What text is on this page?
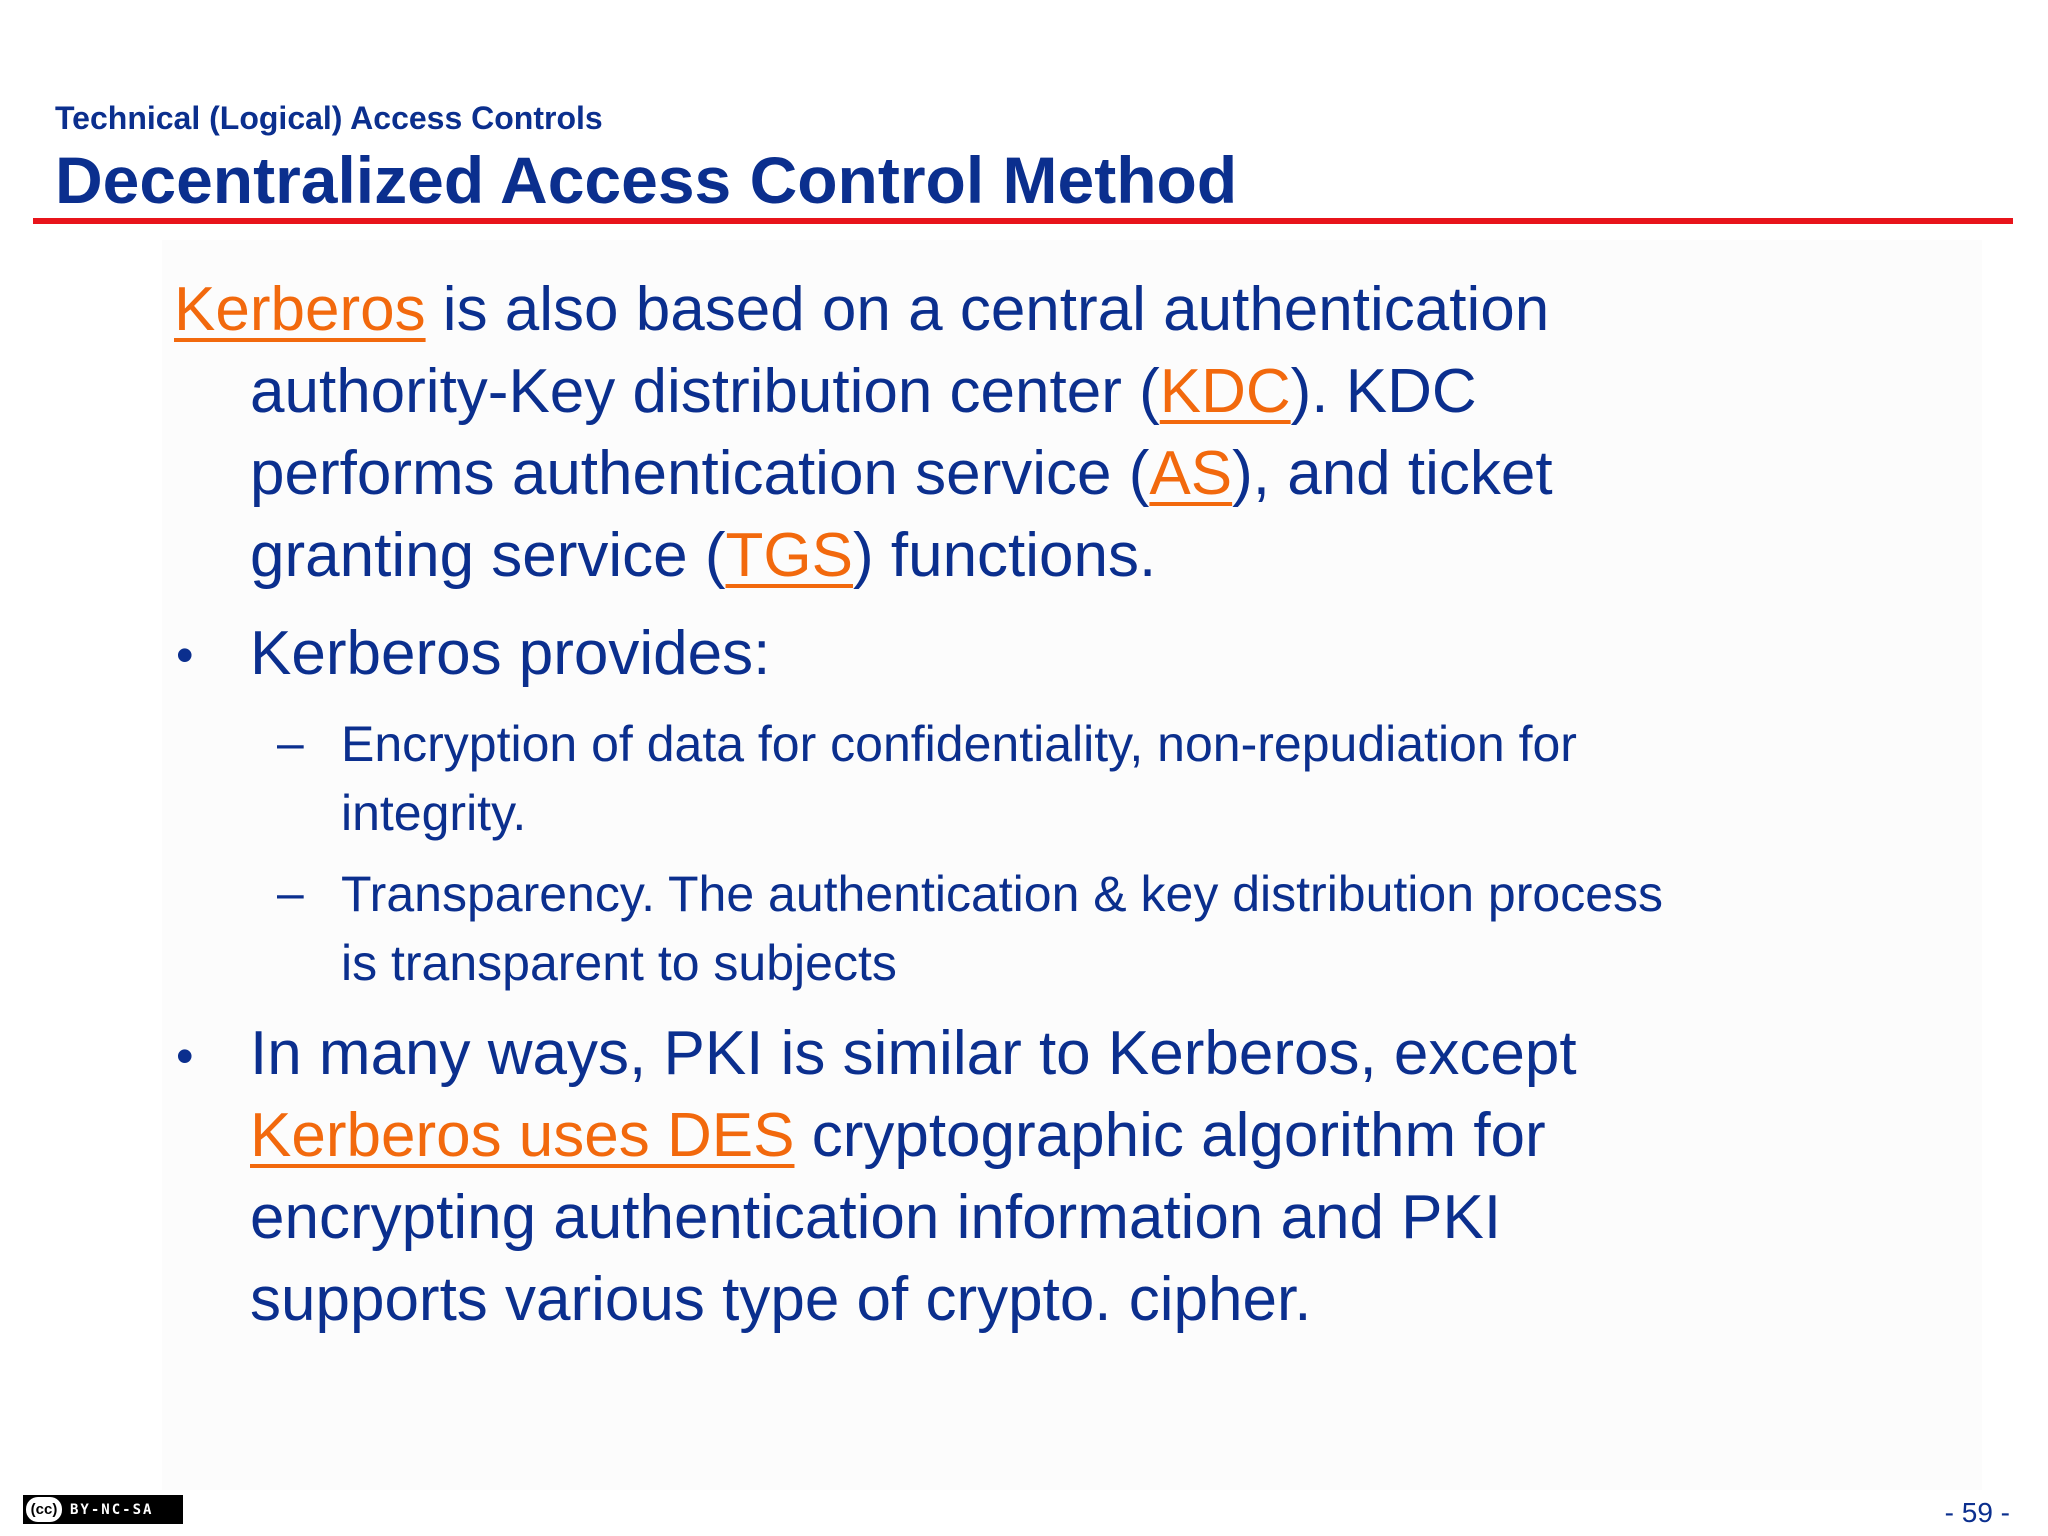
Technical (Logical) Access Controls
Decentralized Access Control Method
Kerberos is also based on a central authentication
authority-Key distribution center (KDC). KDC
performs authentication service (AS), and ticket
granting service (TGS) functions.
• Kerberos provides:
– Encryption of data for confidentiality, non-repudiation for
integrity.
– Transparency. The authentication & key distribution process
is transparent to subjects
• In many ways, PKI is similar to Kerberos, except
Kerberos uses DES cryptographic algorithm for
encrypting authentication information and PKI
supports various type of crypto. cipher.
(cc) BY-NC-SA	- 59 -
